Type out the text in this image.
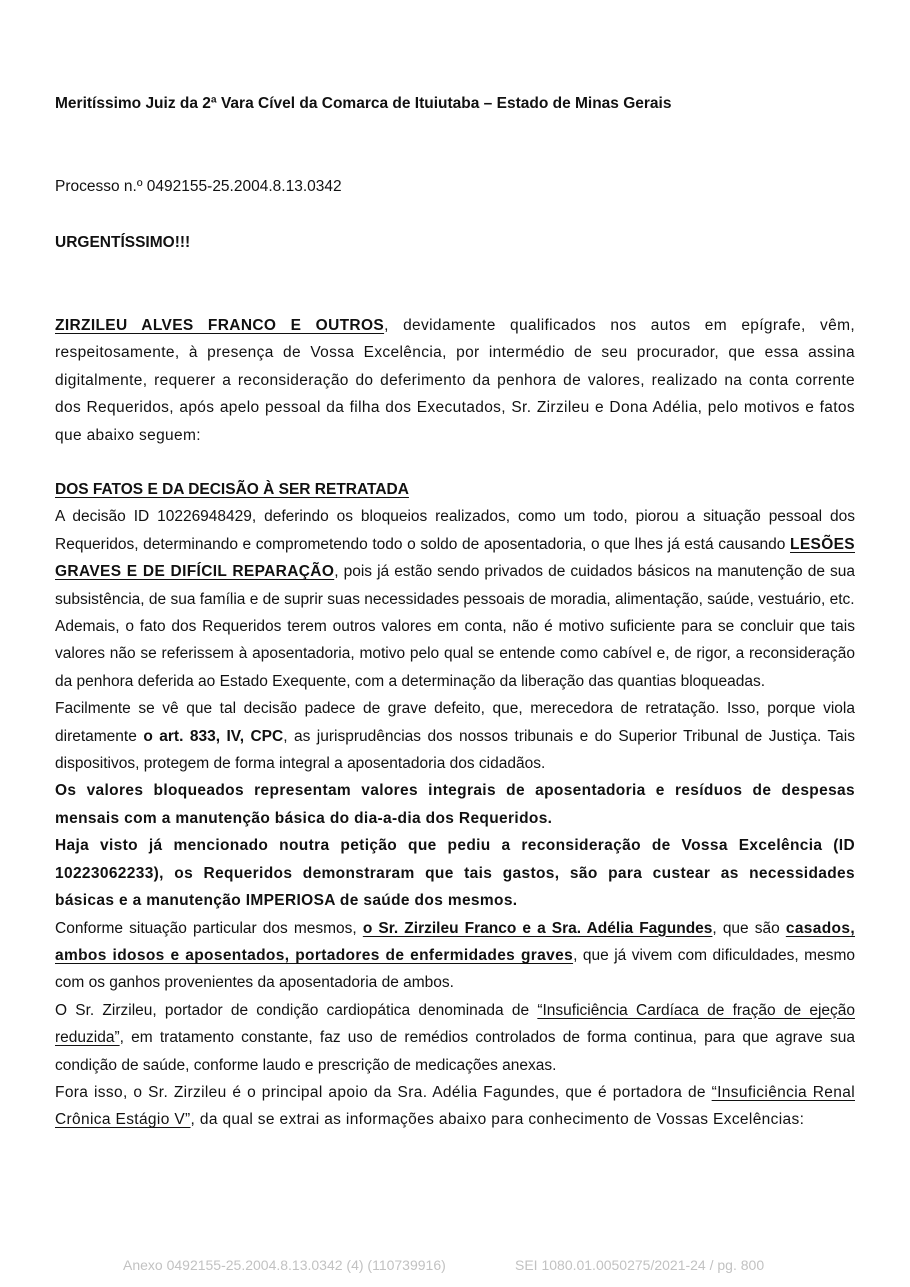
Meritíssimo Juiz da 2ª Vara Cível da Comarca de Ituiutaba – Estado de Minas Gerais
Processo n.º 0492155-25.2004.8.13.0342
URGENTÍSSIMO!!!

ZIRZILEU ALVES FRANCO E OUTROS, devidamente qualificados nos autos em epígrafe, vêm, respeitosamente, à presença de Vossa Excelência, por intermédio de seu procurador, que essa assina digitalmente, requerer a reconsideração do deferimento da penhora de valores, realizado na conta corrente dos Requeridos, após apelo pessoal da filha dos Executados, Sr. Zirzileu e Dona Adélia, pelo motivos e fatos que abaixo seguem:

DOS FATOS E DA DECISÃO À SER RETRATADA

A decisão ID 10226948429, deferindo os bloqueios realizados, como um todo, piorou a situação pessoal dos Requeridos, determinando e comprometendo todo o soldo de aposentadoria, o que lhes já está causando LESÕES GRAVES E DE DIFÍCIL REPARAÇÃO, pois já estão sendo privados de cuidados básicos na manutenção de sua subsistência, de sua família e de suprir suas necessidades pessoais de moradia, alimentação, saúde, vestuário, etc.

Ademais, o fato dos Requeridos terem outros valores em conta, não é motivo suficiente para se concluir que tais valores não se referissem à aposentadoria, motivo pelo qual se entende como cabível e, de rigor, a reconsideração da penhora deferida ao Estado Exequente, com a determinação da liberação das quantias bloqueadas.

Facilmente se vê que tal decisão padece de grave defeito, que, merecedora de retratação. Isso, porque viola diretamente o art. 833, IV, CPC, as jurisprudências dos nossos tribunais e do Superior Tribunal de Justiça. Tais dispositivos, protegem de forma integral a aposentadoria dos cidadãos.

Os valores bloqueados representam valores integrais de aposentadoria e resíduos de despesas mensais com a manutenção básica do dia-a-dia dos Requeridos.

Haja visto já mencionado noutra petição que pediu a reconsideração de Vossa Excelência (ID 10223062233), os Requeridos demonstraram que tais gastos, são para custear as necessidades básicas e a manutenção IMPERIOSA de saúde dos mesmos.

Conforme situação particular dos mesmos, o Sr. Zirzileu Franco e a Sra. Adélia Fagundes, que são casados, ambos idosos e aposentados, portadores de enfermidades graves, que já vivem com dificuldades, mesmo com os ganhos provenientes da aposentadoria de ambos.

O Sr. Zirzileu, portador de condição cardiopática denominada de “Insuficiência Cardíaca de fração de ejeção reduzida”, em tratamento constante, faz uso de remédios controlados de forma continua, para que agrave sua condição de saúde, conforme laudo e prescrição de medicações anexas.

Fora isso, o Sr. Zirzileu é o principal apoio da Sra. Adélia Fagundes, que é portadora de “Insuficiência Renal Crônica Estágio V”, da qual se extrai as informações abaixo para conhecimento de Vossas Excelências:

Anexo 0492155-25.2004.8.13.0342 (4) (110739916)	SEI 1080.01.0050275/2021-24 / pg. 800
